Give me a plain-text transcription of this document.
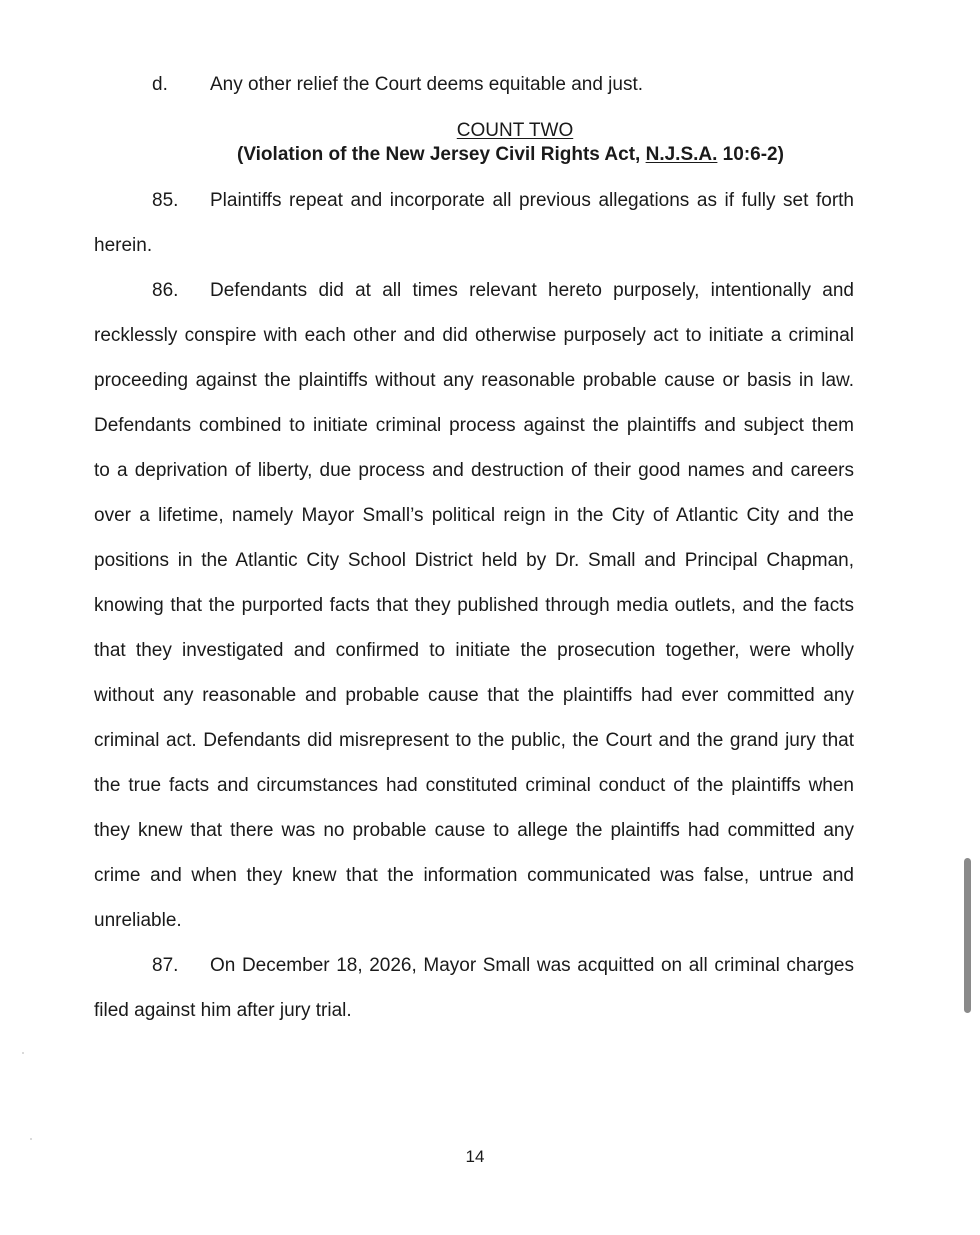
d. Any other relief the Court deems equitable and just.
COUNT TWO
(Violation of the New Jersey Civil Rights Act, N.J.S.A. 10:6-2)
85. Plaintiffs repeat and incorporate all previous allegations as if fully set forth
herein.
86. Defendants did at all times relevant hereto purposely, intentionally and
recklessly conspire with each other and did otherwise purposely act to initiate a criminal
proceeding against the plaintiffs without any reasonable probable cause or basis in law.
Defendants combined to initiate criminal process against the plaintiffs and subject them
to a deprivation of liberty, due process and destruction of their good names and careers
over a lifetime, namely Mayor Small’s political reign in the City of Atlantic City and the
positions in the Atlantic City School District held by Dr. Small and Principal Chapman,
knowing that the purported facts that they published through media outlets, and the facts
that they investigated and confirmed to initiate the prosecution together, were wholly
without any reasonable and probable cause that the plaintiffs had ever committed any
criminal act. Defendants did misrepresent to the public, the Court and the grand jury that
the true facts and circumstances had constituted criminal conduct of the plaintiffs when
they knew that there was no probable cause to allege the plaintiffs had committed any
crime and when they knew that the information communicated was false, untrue and
unreliable.
87. On December 18, 2026, Mayor Small was acquitted on all criminal charges
filed against him after jury trial.
14
